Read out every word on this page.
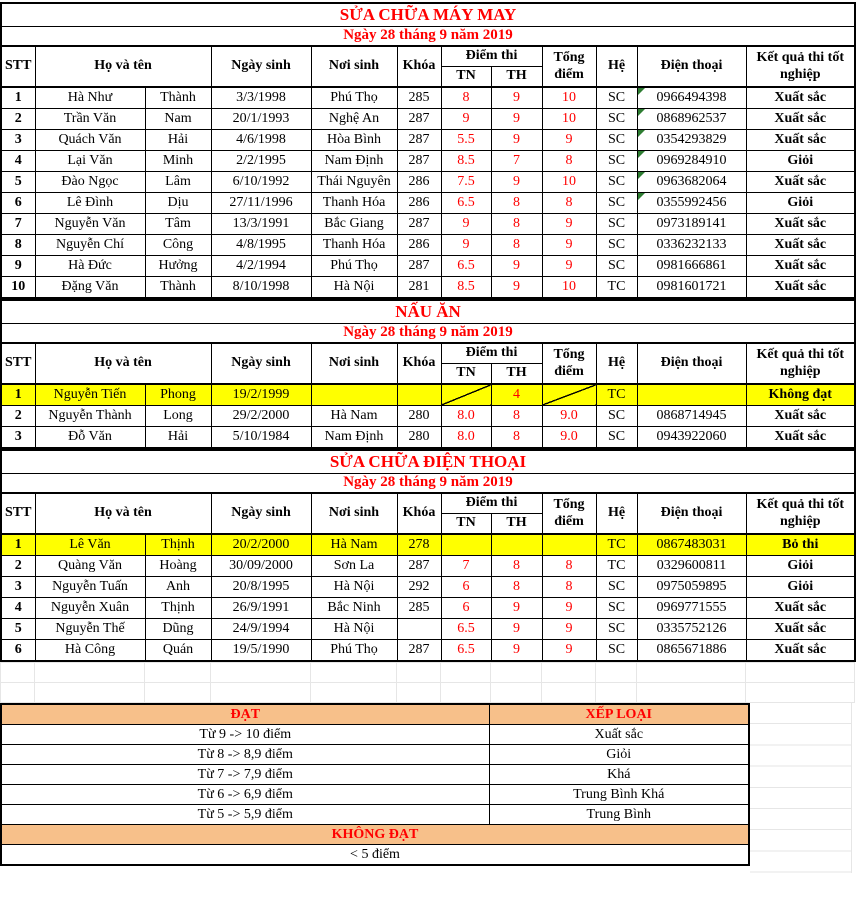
SỬA CHỮA MÁY MAY											
Ngày 28 tháng 9 năm 2019											
STT	Họ và tên		Ngày sinh	Nơi sinh	Khóa	Điểm thi		Tổng điểm	Hệ	Điện thoại	Kết quả thi tốt nghiệp
						TN	TH				
1	Hà Như	Thành	3/3/1998	Phú Thọ	285	8	9	10	SC	0966494398	Xuất sắc
2	Trần Văn	Nam	20/1/1993	Nghệ An	287	9	9	10	SC	0868962537	Xuất sắc
3	Quách Văn	Hải	4/6/1998	Hòa Bình	287	5.5	9	9	SC	0354293829	Xuất sắc
4	Lại Văn	Minh	2/2/1995	Nam Định	287	8.5	7	8	SC	0969284910	Giỏi
5	Đào Ngọc	Lâm	6/10/1992	Thái Nguyên	286	7.5	9	10	SC	0963682064	Xuất sắc
6	Lê Đình	Dịu	27/11/1996	Thanh Hóa	286	6.5	8	8	SC	0355992456	Giỏi
7	Nguyễn Văn	Tâm	13/3/1991	Bắc Giang	287	9	8	9	SC	0973189141	Xuất sắc
8	Nguyễn Chí	Công	4/8/1995	Thanh Hóa	286	9	8	9	SC	0336232133	Xuất sắc
9	Hà Đức	Hưởng	4/2/1994	Phú Thọ	287	6.5	9	9	SC	0981666861	Xuất sắc
10	Đặng Văn	Thành	8/10/1998	Hà Nội	281	8.5	9	10	TC	0981601721	Xuất sắc
NẤU ĂN											
Ngày 28 tháng 9 năm 2019											
STT	Họ và tên		Ngày sinh	Nơi sinh	Khóa	Điểm thi		Tổng điểm	Hệ	Điện thoại	Kết quả thi tốt nghiệp
						TN	TH				
1	Nguyễn Tiến	Phong	19/2/1999				4		TC		Không đạt
2	Nguyễn Thành	Long	29/2/2000	Hà Nam	280	8.0	8	9.0	SC	0868714945	Xuất sắc
3	Đỗ Văn	Hải	5/10/1984	Nam Định	280	8.0	8	9.0	SC	0943922060	Xuất sắc
SỬA CHỮA ĐIỆN THOẠI											
Ngày 28 tháng 9 năm 2019											
STT	Họ và tên		Ngày sinh	Nơi sinh	Khóa	Điểm thi		Tổng điểm	Hệ	Điện thoại	Kết quả thi tốt nghiệp
						TN	TH				
1	Lê Văn	Thịnh	20/2/2000	Hà Nam	278				TC	0867483031	Bỏ thi
2	Quàng Văn	Hoàng	30/09/2000	Sơn La	287	7	8	8	TC	0329600811	Giỏi
3	Nguyễn Tuấn	Anh	20/8/1995	Hà Nội	292	6	8	8	SC	0975059895	Giỏi
4	Nguyễn Xuân	Thịnh	26/9/1991	Bắc Ninh	285	6	9	9	SC	0969771555	Xuất sắc
5	Nguyễn Thế	Dũng	24/9/1994	Hà Nội		6.5	9	9	SC	0335752126	Xuất sắc
6	Hà Công	Quán	19/5/1990	Phú Thọ	287	6.5	9	9	SC	0865671886	Xuất sắc

ĐẠT	XẾP LOẠI
Từ 9 -> 10 điểm	Xuất sắc
Từ 8 -> 8,9 điểm	Giỏi
Từ 7 -> 7,9 điểm	Khá
Từ 6 -> 6,9 điểm	Trung Bình Khá
Từ 5 -> 5,9 điểm	Trung Bình
KHÔNG ĐẠT	
< 5 điểm	
